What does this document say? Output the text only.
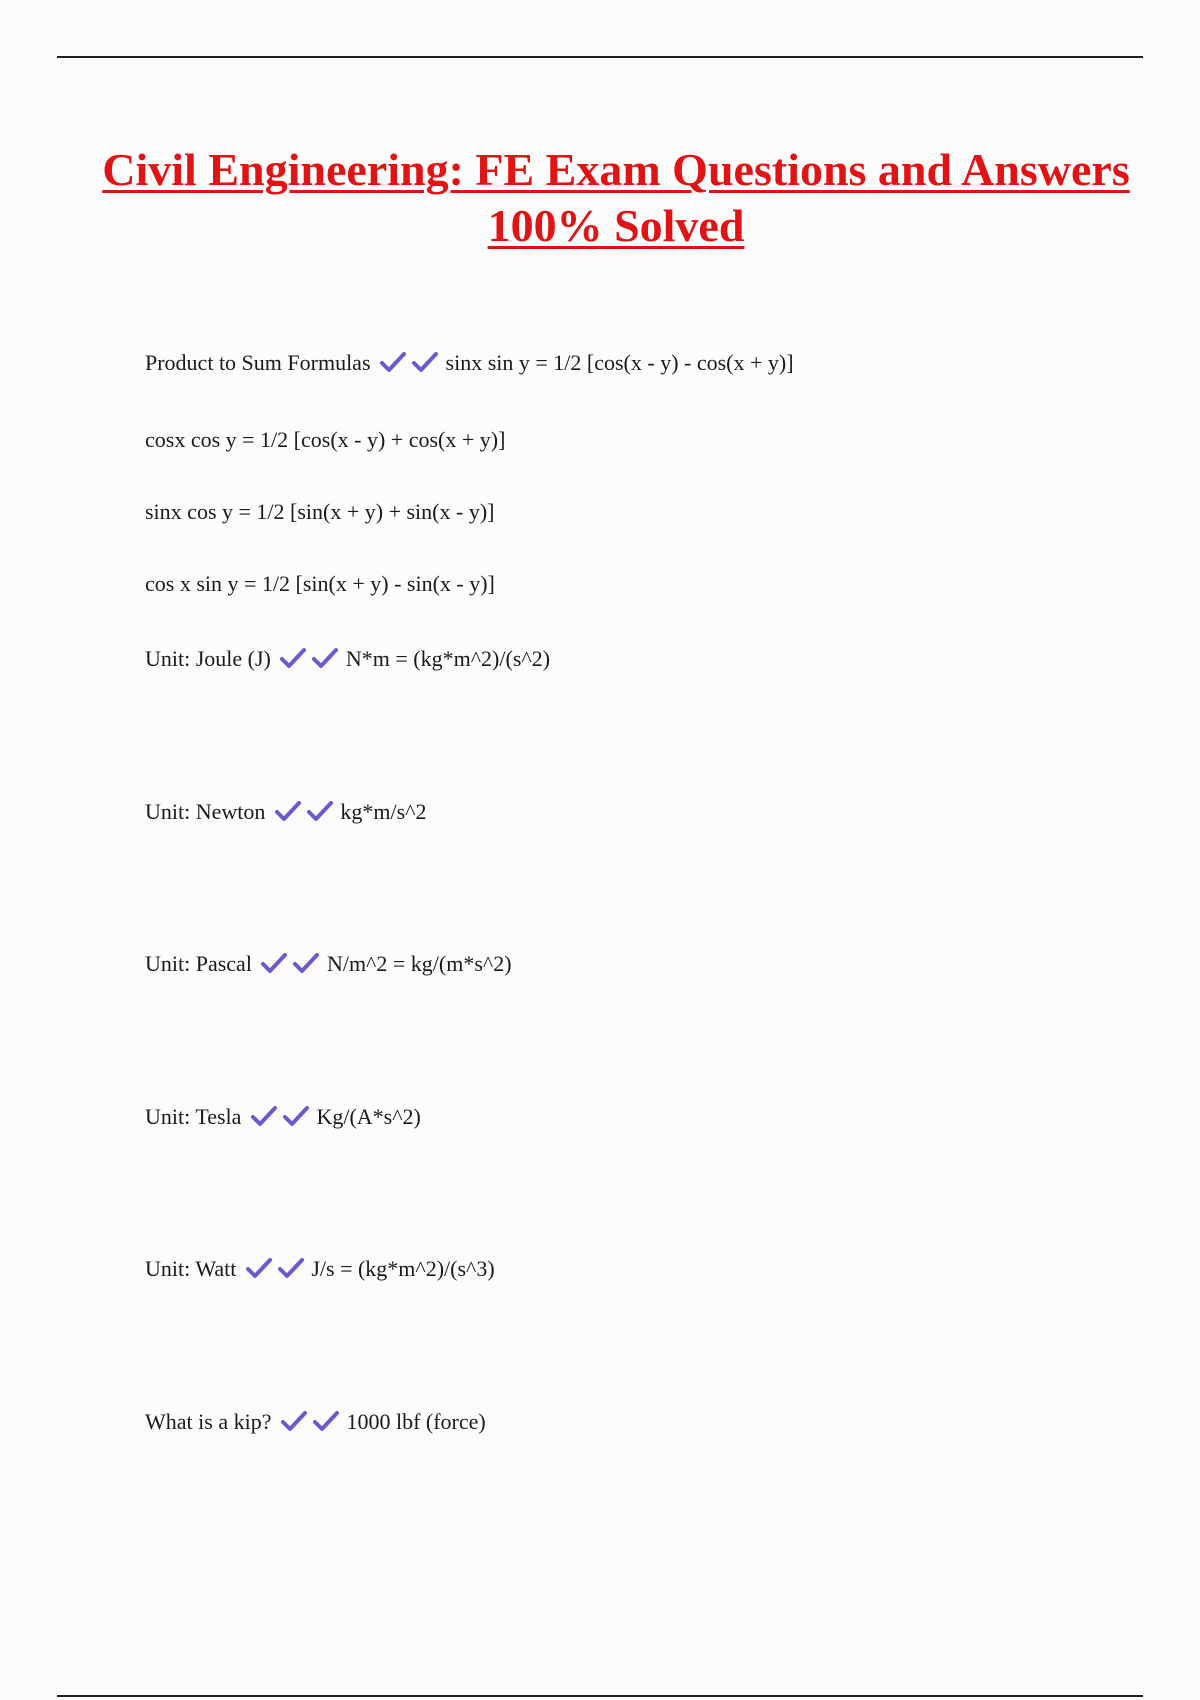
Civil Engineering: FE Exam Questions and Answers 100% Solved

Product to Sum Formulas	sinx sin y = 1/2 [cos(x - y) - cos(x + y)]

cosx cos y = 1/2 [cos(x - y) + cos(x + y)]

sinx cos y = 1/2 [sin(x + y) + sin(x - y)]

cos x sin y = 1/2 [sin(x + y) - sin(x - y)]

Unit: Joule (J)	N*m = (kg*m^2)/(s^2)

Unit: Newton	kg*m/s^2

Unit: Pascal	N/m^2 = kg/(m*s^2)

Unit: Tesla	Kg/(A*s^2)

Unit: Watt	J/s = (kg*m^2)/(s^3)

What is a kip?	1000 lbf (force)
